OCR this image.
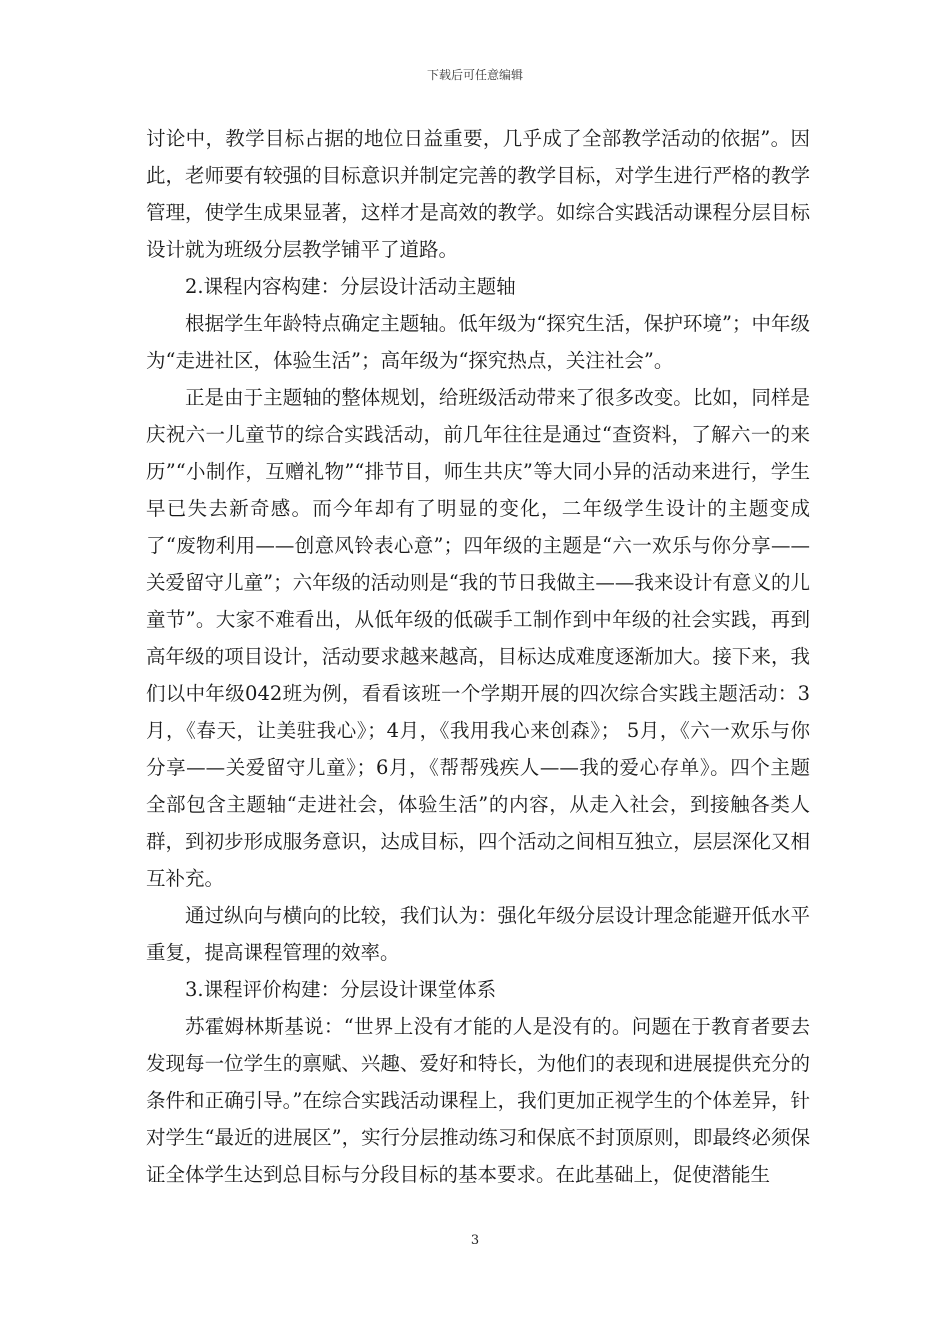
下载后可任意编辑

讨论中，教学目标占据的地位日益重要，几乎成了全部教学活动的依据”。因此，老师要有较强的目标意识并制定完善的教学目标，对学生进行严格的教学管理，使学生成果显著，这样才是高效的教学。如综合实践活动课程分层目标设计就为班级分层教学铺平了道路。

2.课程内容构建：分层设计活动主题轴

根据学生年龄特点确定主题轴。低年级为“探究生活，保护环境”；中年级为“走进社区，体验生活”；高年级为“探究热点，关注社会”。

正是由于主题轴的整体规划，给班级活动带来了很多改变。比如，同样是庆祝六一儿童节的综合实践活动，前几年往往是通过“查资料，了解六一的来历”“小制作，互赠礼物”“排节目，师生共庆”等大同小异的活动来进行，学生早已失去新奇感。而今年却有了明显的变化，二年级学生设计的主题变成了“废物利用——创意风铃表心意”；四年级的主题是“六一欢乐与你分享——关爱留守儿童”；六年级的活动则是“我的节日我做主——我来设计有意义的儿童节”。大家不难看出，从低年级的低碳手工制作到中年级的社会实践，再到高年级的项目设计，活动要求越来越高，目标达成难度逐渐加大。接下来，我们以中年级042班为例，看看该班一个学期开展的四次综合实践主题活动：3月，《春天，让美驻我心》；4月，《我用我心来创森》； 5月，《六一欢乐与你分享——关爱留守儿童》；6月，《帮帮残疾人——我的爱心存单》。四个主题全部包含主题轴“走进社会，体验生活”的内容，从走入社会，到接触各类人群，到初步形成服务意识，达成目标，四个活动之间相互独立，层层深化又相互补充。

通过纵向与横向的比较，我们认为：强化年级分层设计理念能避开低水平重复，提高课程管理的效率。

3.课程评价构建：分层设计课堂体系

苏霍姆林斯基说：“世界上没有才能的人是没有的。问题在于教育者要去发现每一位学生的禀赋、兴趣、爱好和特长，为他们的表现和进展提供充分的条件和正确引导。”在综合实践活动课程上，我们更加正视学生的个体差异，针对学生“最近的进展区”，实行分层推动练习和保底不封顶原则，即最终必须保证全体学生达到总目标与分段目标的基本要求。在此基础上，促使潜能生

3
